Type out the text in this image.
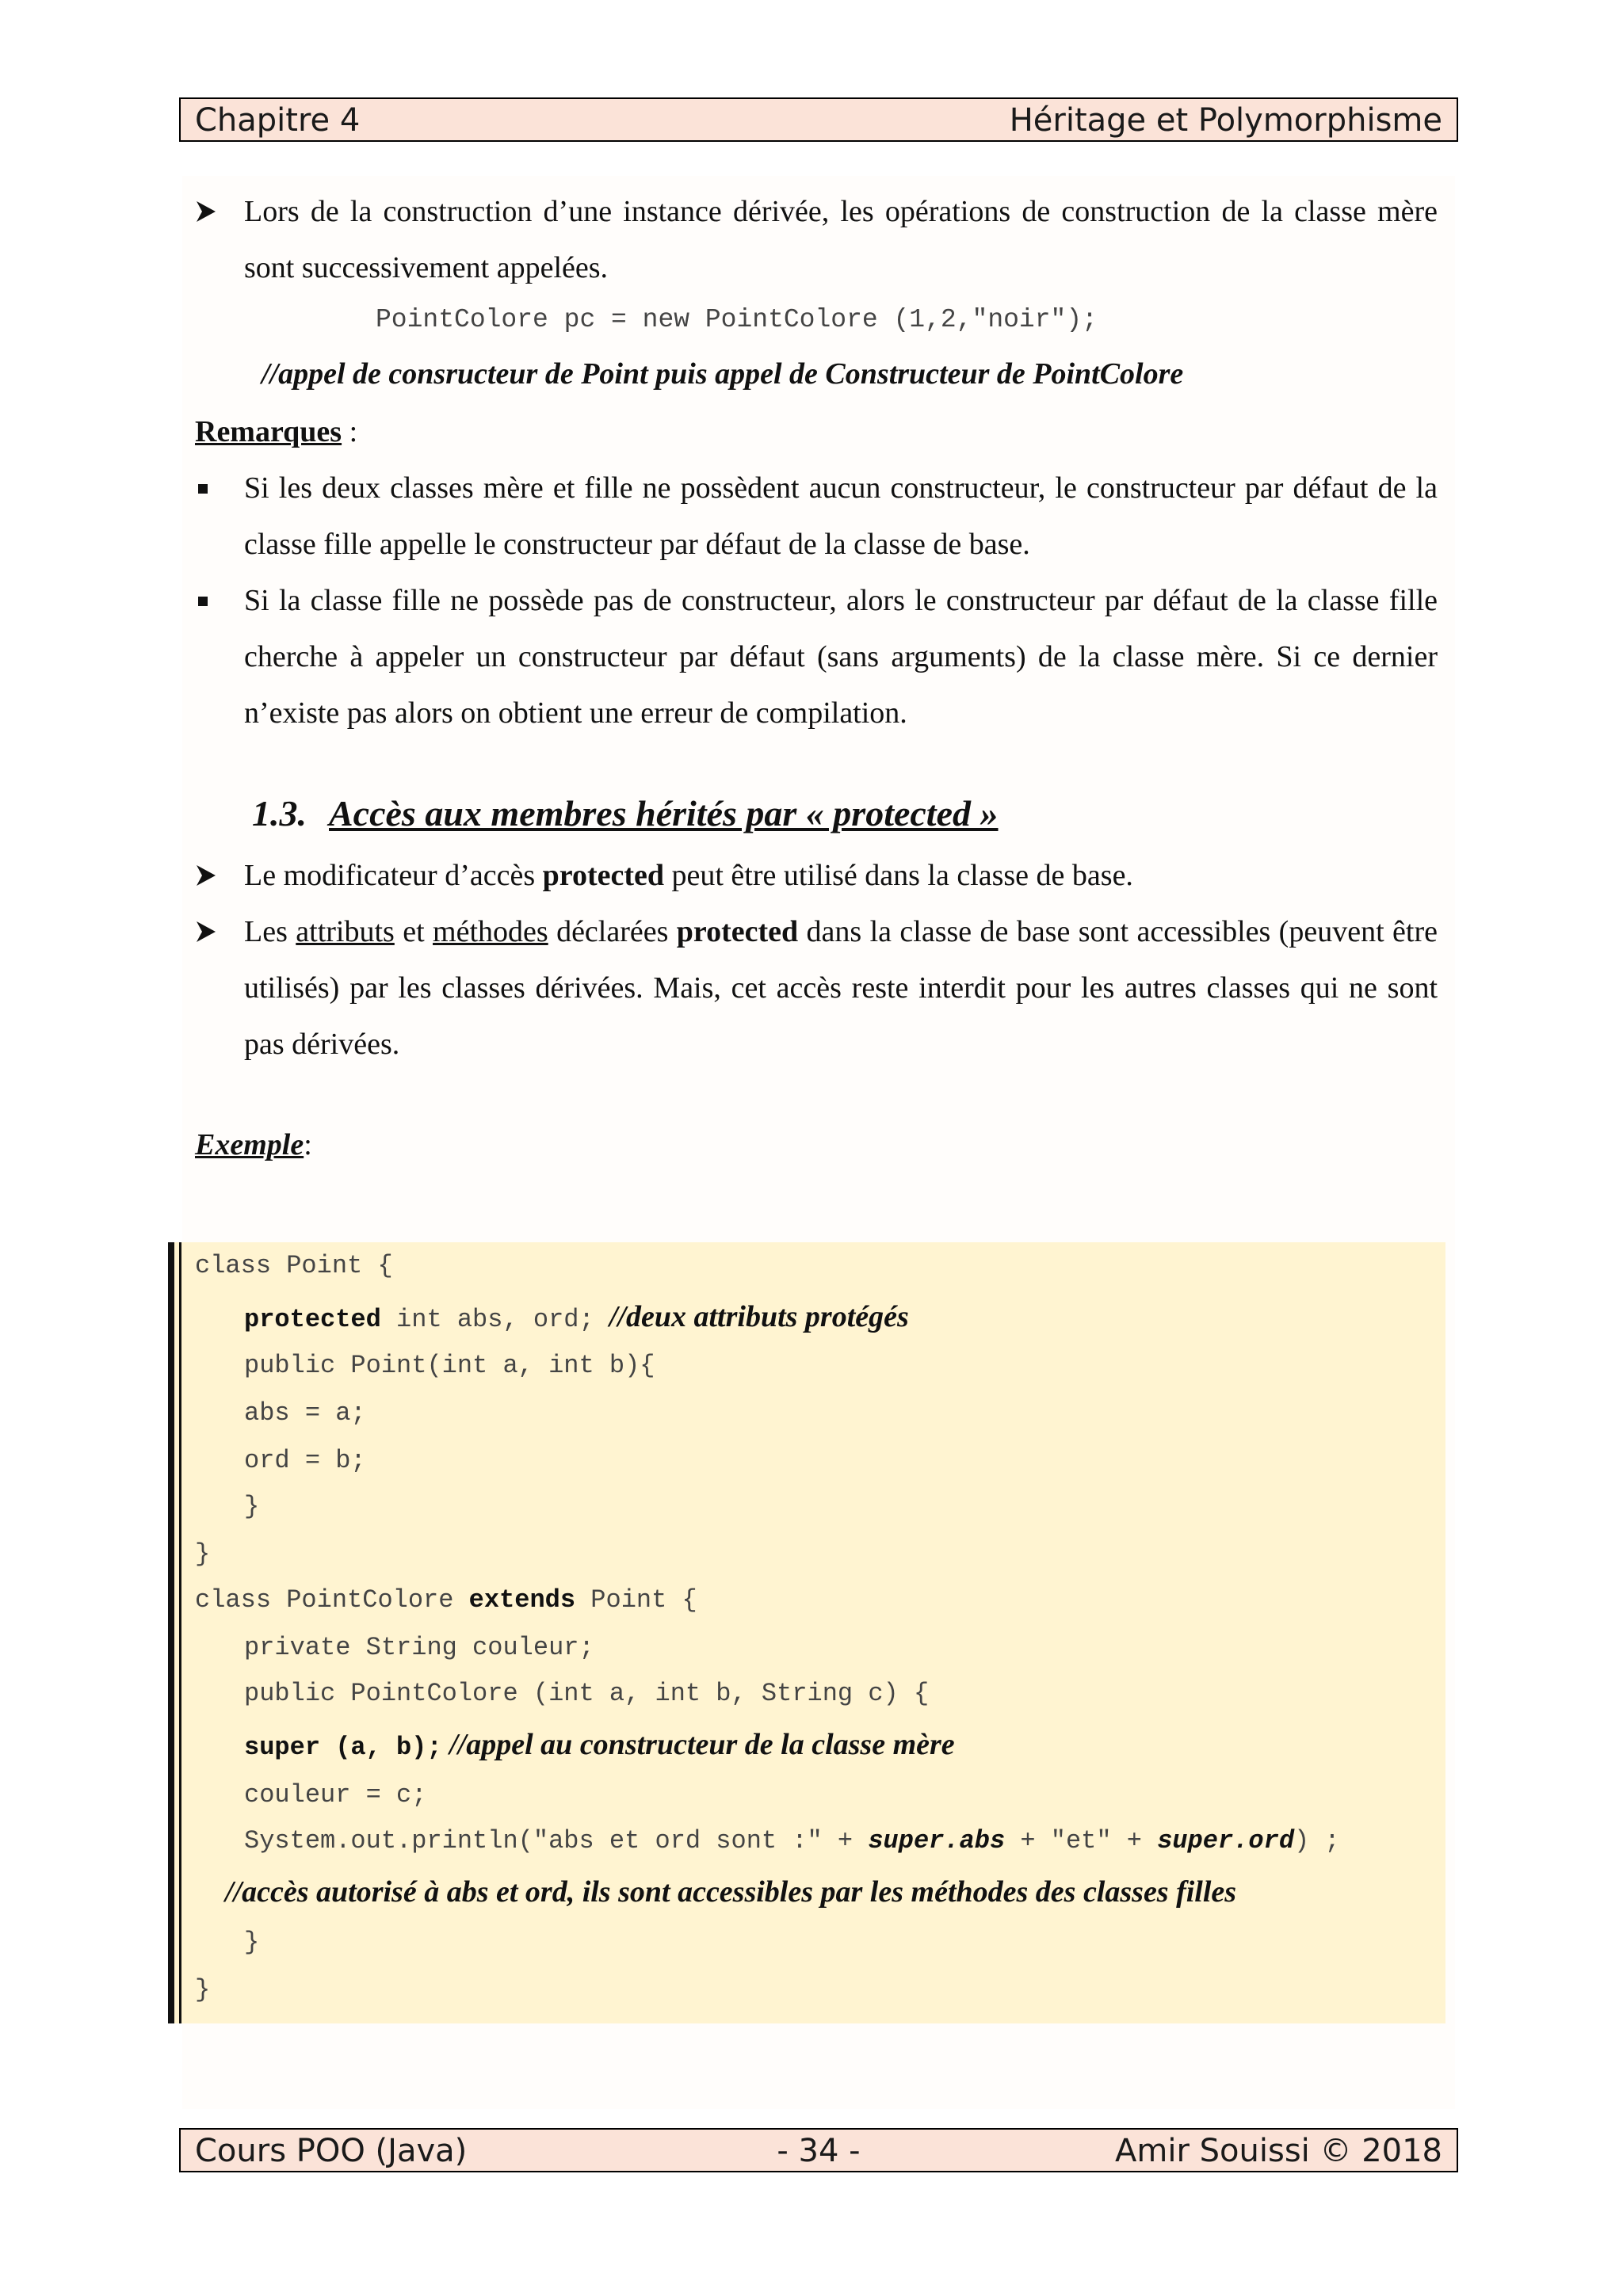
Chapitre 4	Héritage et Polymorphisme
Lors de la construction d’une instance dérivée, les opérations de construction de la classe mère sont successivement appelées.
PointColore pc = new PointColore (1,2,"noir");
//appel de consructeur de Point puis appel de Constructeur de PointColore
Remarques :
Si les deux classes mère et fille ne possèdent aucun constructeur, le constructeur par défaut de la classe fille appelle le constructeur par défaut de la classe de base.
Si la classe fille ne possède pas de constructeur, alors le constructeur par défaut de la classe fille cherche à appeler un constructeur par défaut (sans arguments) de la classe mère. Si ce dernier n’existe pas alors on obtient une erreur de compilation.
1.3. Accès aux membres hérités par « protected »
Le modificateur d’accès protected peut être utilisé dans la classe de base.
Les attributs et méthodes déclarées protected dans la classe de base sont accessibles (peuvent être utilisés) par les classes dérivées. Mais, cet accès reste interdit pour les autres classes qui ne sont pas dérivées.
Exemple:
class Point {
protected int abs, ord; //deux attributs protégés
public Point(int a, int b){
abs = a;
ord = b;
}
}
class PointColore extends Point {
private String couleur;
public PointColore (int a, int b, String c) {
super (a, b); //appel au constructeur de la classe mère
couleur = c;
System.out.println("abs et ord sont :" + super.abs + "et" + super.ord) ;
//accès autorisé à abs et ord, ils sont accessibles par les méthodes des classes filles
}
}
Cours POO (Java)	- 34 -	Amir Souissi © 2018
